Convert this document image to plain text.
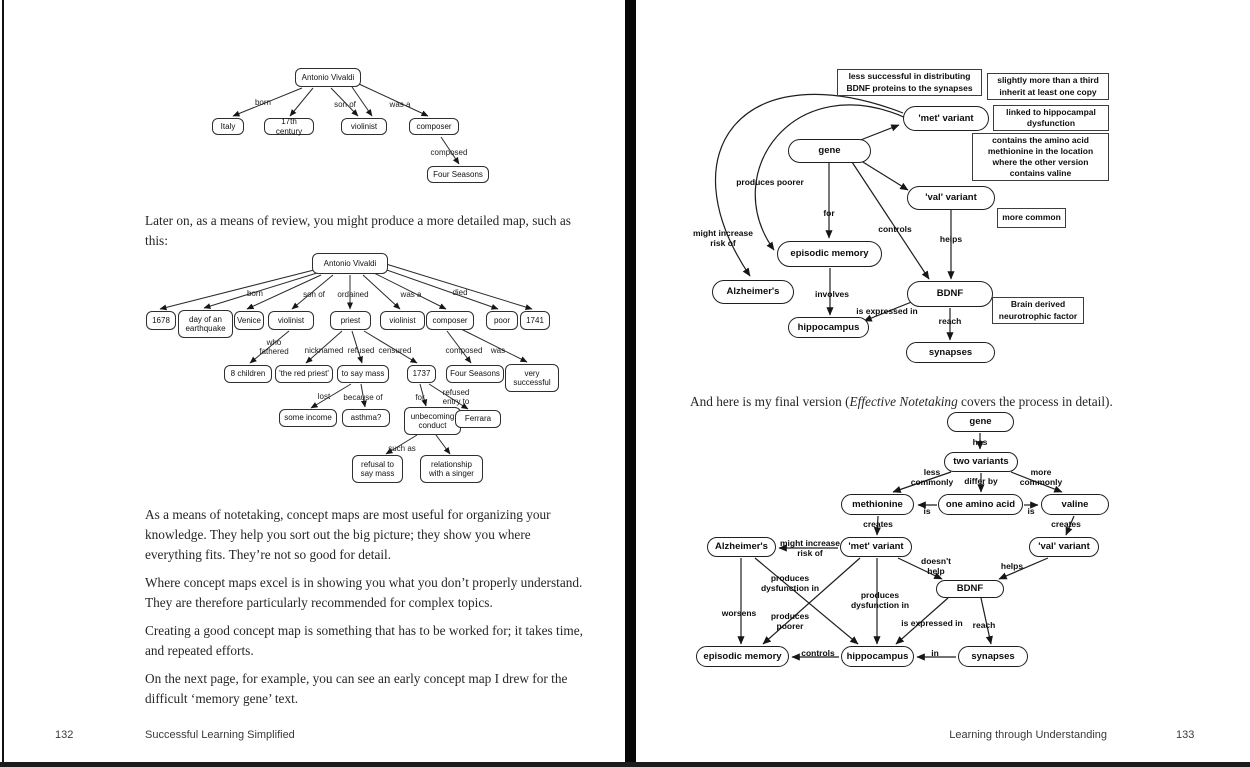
Antonio Vivaldi
born	son of	was a
Italy
17th century
violinist	composer
composed
Four Seasons
Later on, as a means of review, you might produce a more detailed map, such as this:
Antonio Vivaldi
born	son of	ordained	was a	died
1678	day of an earthquake
Venice	violinist	priest	violinist	composer	poor	1741
who fathered	nicknamed refused censured	composed	was
8 children	'the red priest'	to say mass	1737	Four Seasons	very successful
lost	because of	for
refused entry to
some income	asthma?	unbecoming conduct
Ferrara
such as
refusal to say mass
relationship with a singer

As a means of notetaking, concept maps are most useful for organizing your knowledge. They help you sort out the big picture; they show you where everything fits. They’re not so good for detail.

Where concept maps excel is in showing you what you don’t properly understand. They are therefore particularly recommended for complex topics.

Creating a good concept map is something that has to be worked for; it takes time, and repeated efforts.

On the next page, for example, you can see an early concept map I drew for the difficult ‘memory gene’ text.

132	Successful Learning Simplified
less successful in distributing BDNF proteins to the synapses
slightly more than a third inherit at least one copy
'met' variant
linked to hippocampal dysfunction
contains the amino acid methionine in the location where the other version contains valine
gene
produces poorer
'val' variant
more common
might increase risk of
for
controls
helps
episodic memory
Alzheimer's	involves	BDNF
Brain derived neurotrophic factor
is expressed in
reach
hippocampus
synapses
And here is my final version (Effective Notetaking covers the process in detail).
gene
has
two variants
less commonly	differ by
more commonly
methionine	one amino acid	valine
is	is
creates	creates
Alzheimer's	might increase risk of
'met' variant	'val' variant
doesn't help
helps
produces dysfunction in	BDNF
produces dysfunction in
worsens	produces poorer	is expressed in	reach
episodic memory	controls	hippocampus	in	synapses
Learning through Understanding	133
